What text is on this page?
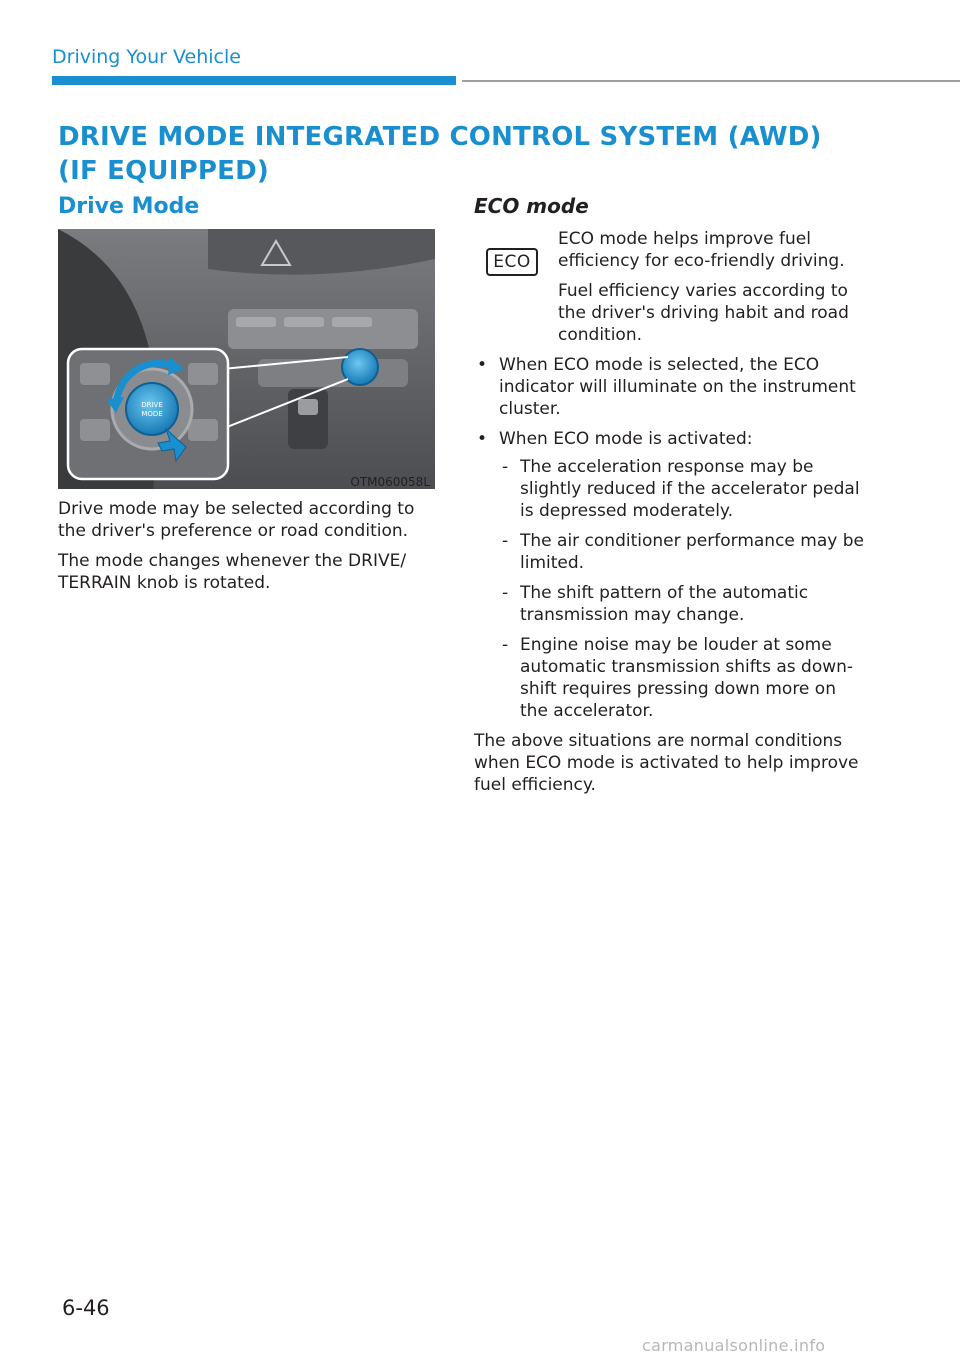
Driving Your Vehicle
DRIVE MODE INTEGRATED CONTROL SYSTEM (AWD)
(IF EQUIPPED)
Drive Mode
DRIVE
MODE
OTM060058L

Drive mode may be selected according to the driver's preference or road condition.

The mode changes whenever the DRIVE/ TERRAIN knob is rotated.

ECO mode
ECO

ECO mode helps improve fuel efficiency for eco-friendly driving.

Fuel efficiency varies according to the driver's driving habit and road condition.

• When ECO mode is selected, the ECO indicator will illuminate on the instrument cluster.
• When ECO mode is activated:
- The acceleration response may be slightly reduced if the accelerator pedal is depressed moderately.
- The air conditioner performance may be limited.
- The shift pattern of the automatic transmission may change.
- Engine noise may be louder at some automatic transmission shifts as down-shift requires pressing down more on the accelerator.

The above situations are normal conditions when ECO mode is activated to help improve fuel efficiency.

6-46
carmanualsonline.info
